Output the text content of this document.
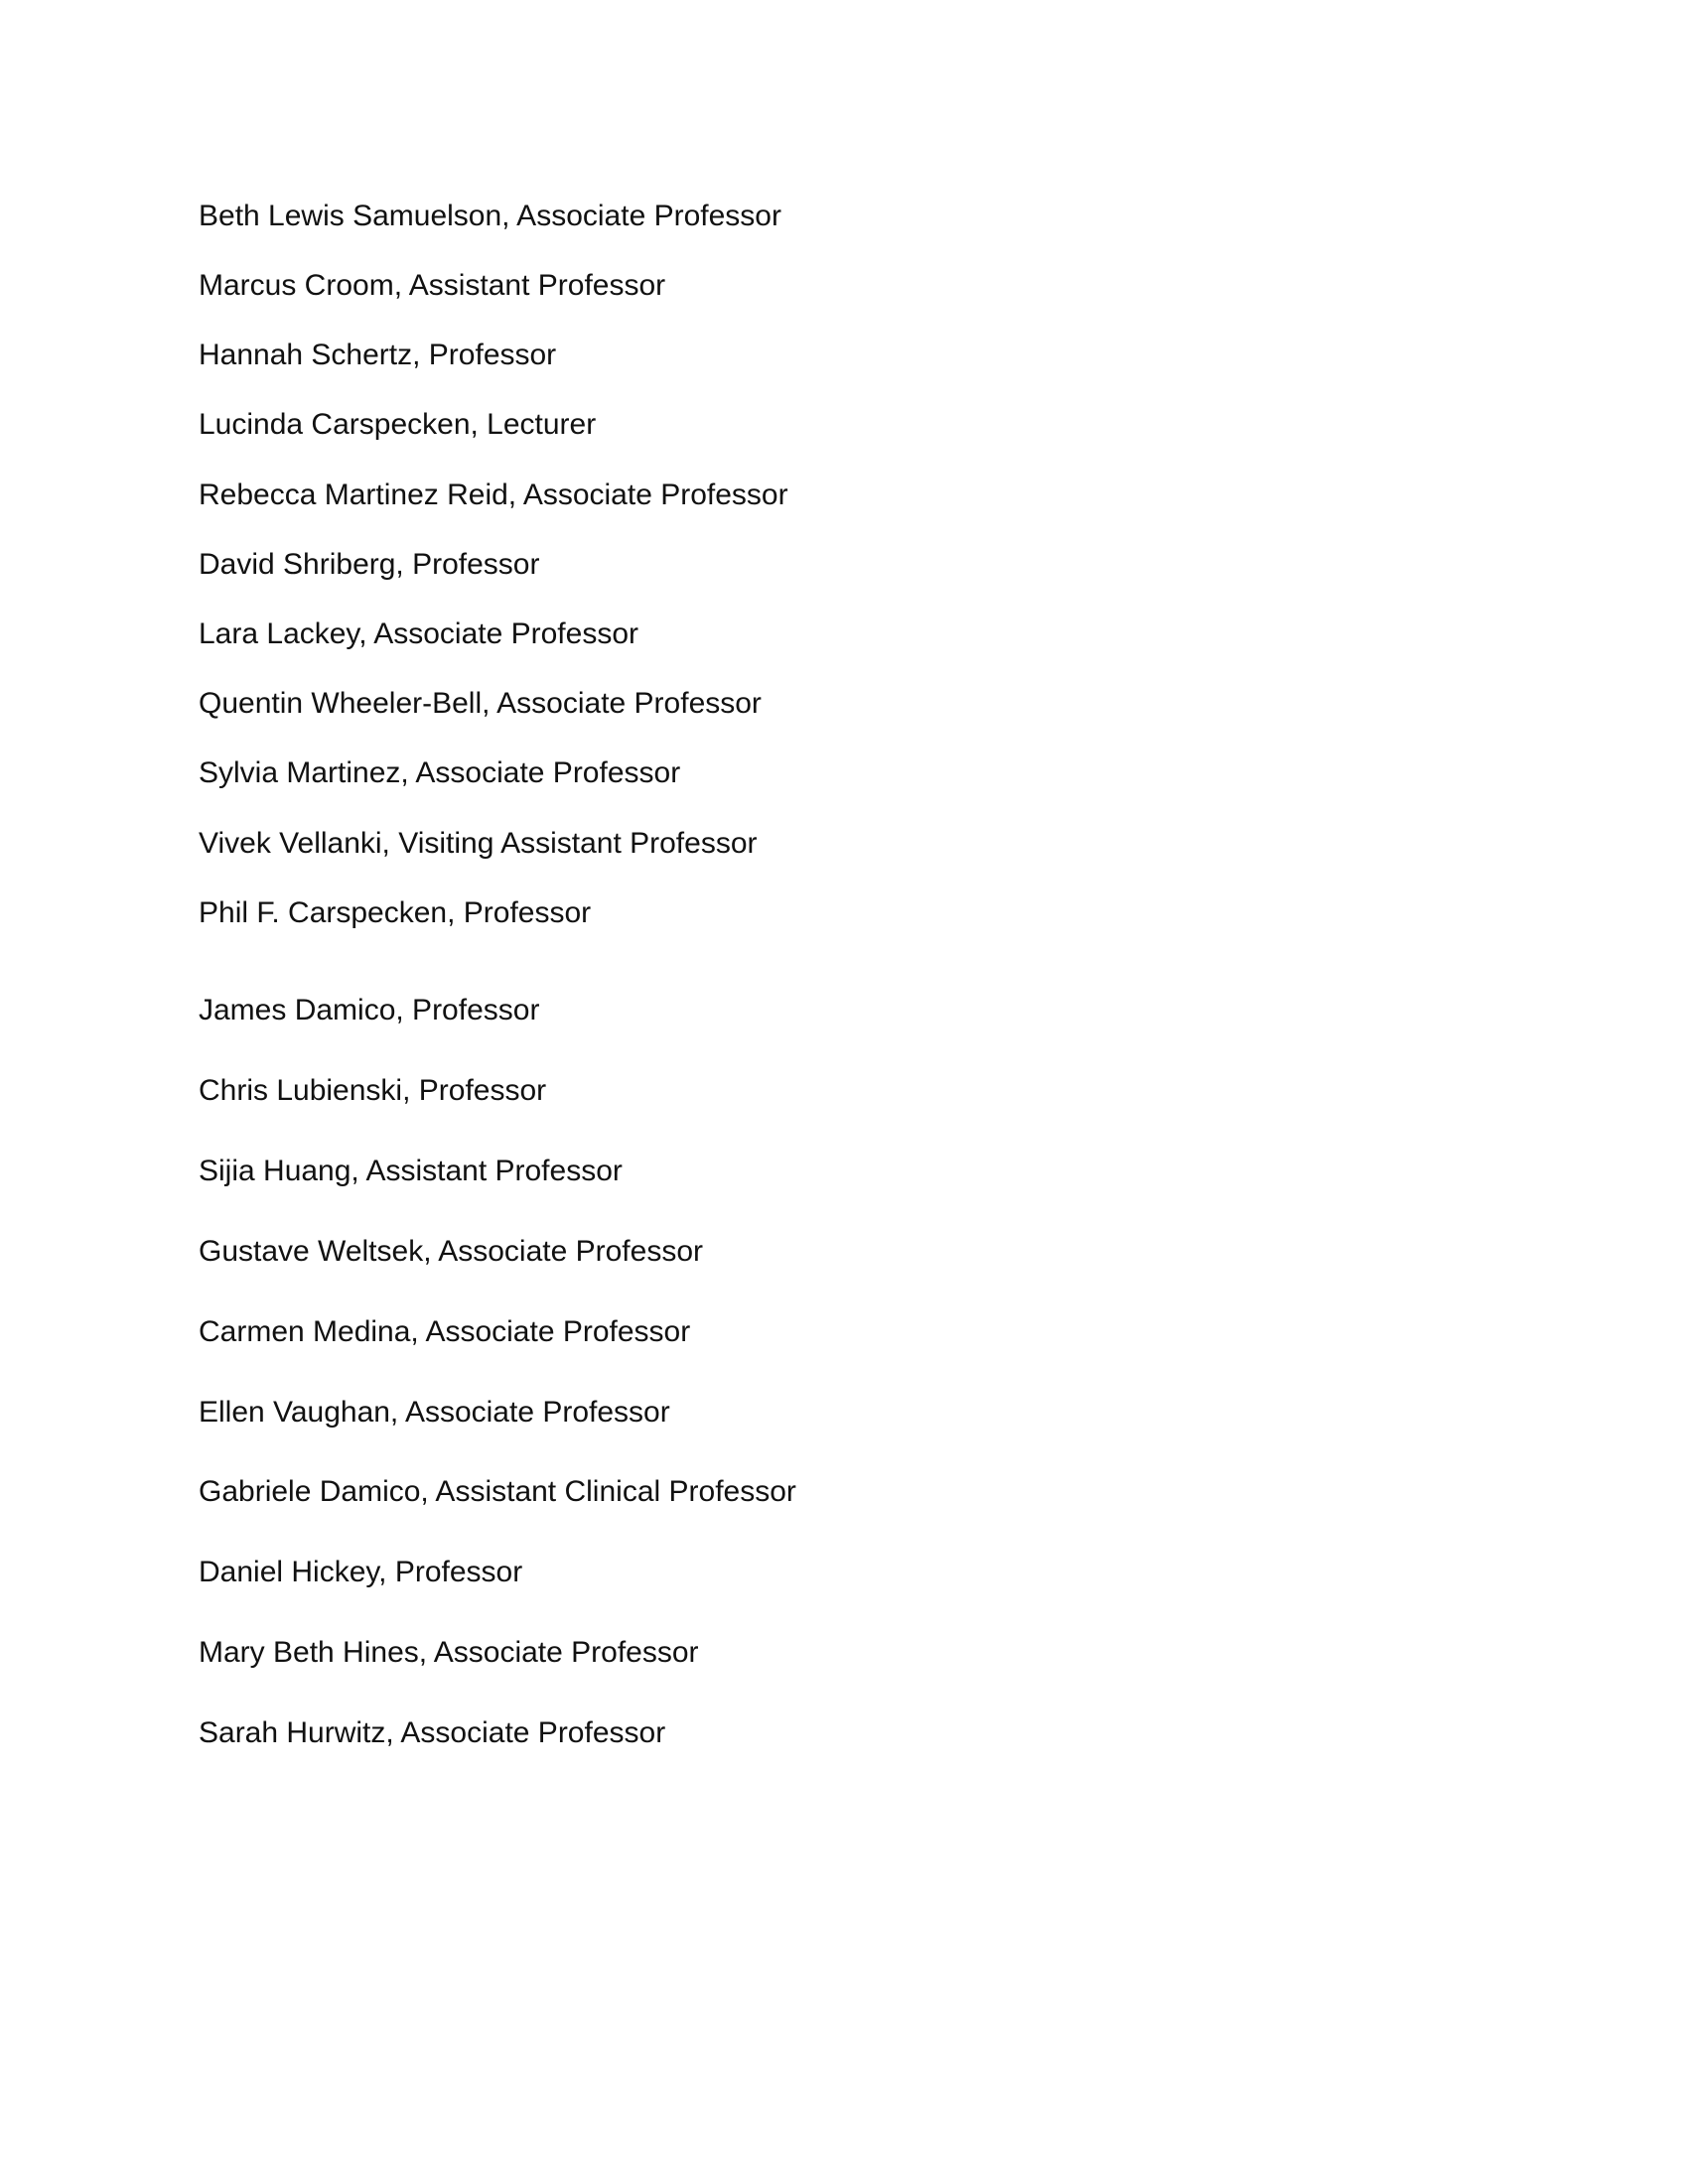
Beth Lewis Samuelson, Associate Professor

Marcus Croom, Assistant Professor

Hannah Schertz, Professor

Lucinda Carspecken, Lecturer

Rebecca Martinez Reid, Associate Professor

David Shriberg, Professor

Lara Lackey, Associate Professor

Quentin Wheeler-Bell, Associate Professor

Sylvia Martinez, Associate Professor

Vivek Vellanki, Visiting Assistant Professor

Phil F. Carspecken, Professor

James Damico, Professor

Chris Lubienski, Professor

Sijia Huang, Assistant Professor

Gustave Weltsek, Associate Professor

Carmen Medina, Associate Professor

Ellen Vaughan, Associate Professor

Gabriele Damico, Assistant Clinical Professor

Daniel Hickey, Professor

Mary Beth Hines, Associate Professor

Sarah Hurwitz, Associate Professor
